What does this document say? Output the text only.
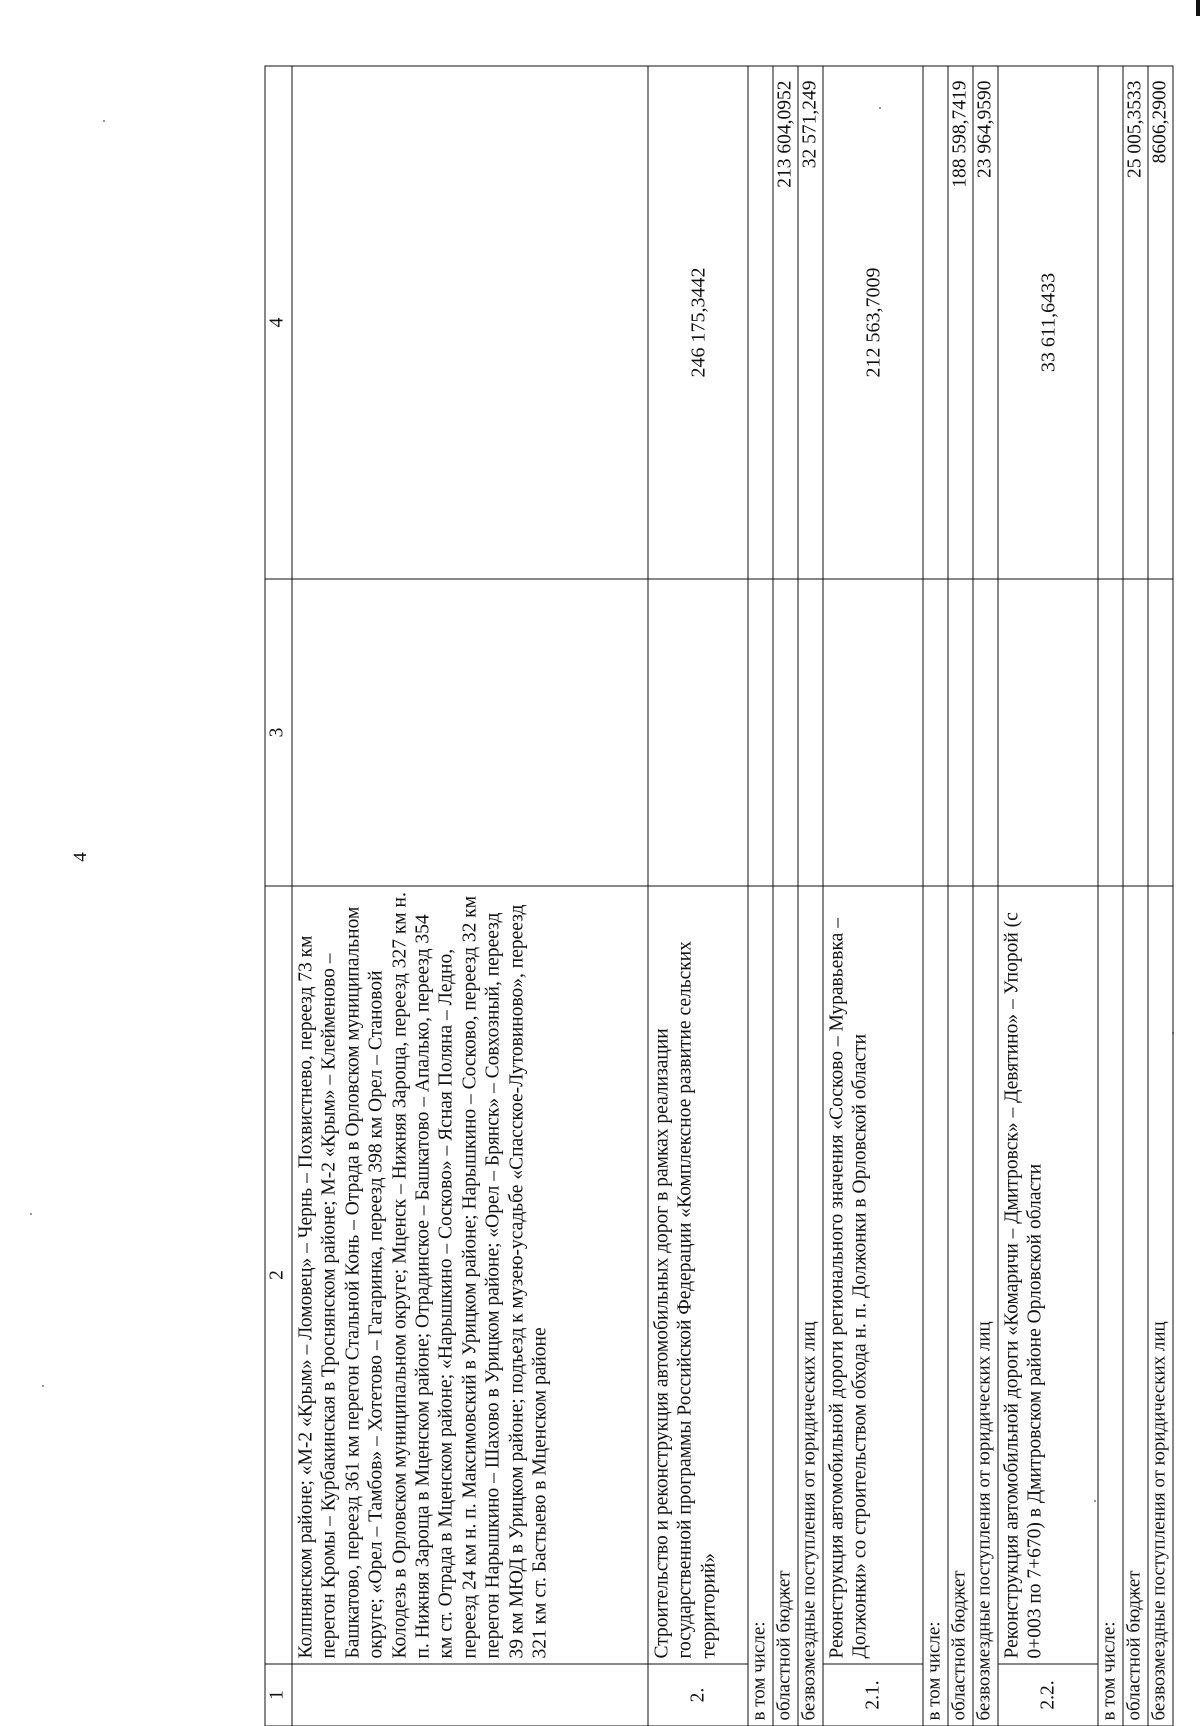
4
1	2	3	4
	Колпнянском районе; «М-2 «Крым» – Ломовец» – Чернь – Поxвистнево, переезд 73 км перегон Кромы – Курбакинская в Троснянском районе; М-2 «Крым» – Клейменово – Башкатово, переезд 361 км перегон Стальной Конь – Отрада в Орловском муниципальном округе; «Орел – Тамбов» – Хотетово – Гагаринка, переезд 398 км Орел – Становой Колодезь в Орловском муниципальном округе; Мценск – Нижняя Зароща, переезд 327 км н. п. Нижняя Зароща в Мценском районе; Отрадинское – Башкатово – Апалько, переезд 354 км ст. Отрада в Мценском районе; «Нарышкино – Сосково» – Ясная Поляна – Ледно, переезд 24 км н. п. Максимовский в Урицком районе; Нарышкино – Сосково, переезд 32 км перегон Нарышкино – Шахово в Урицком районе; «Орел – Брянск» – Совхозный, переезд 39 км МЮД в Урицком районе; подъезд к музею-усадьбе «Спасское-Лутовиново», переезд 321 км ст. Бастыево в Мценском районе		
2.	Строительство и реконструкция автомобильных дорог в рамках реализации государственной программы Российской Федерации «Комплексное развитие сельских территорий»		246 175,3442
в том числе:			
областной бюджет			213 604,0952
безвозмездные поступления от юридических лиц			32 571,249
2.1.	Реконструкция автомобильной дороги регионального значения «Сосково – Муравьевка – Должонки» со строительством обхода н. п. Должонки в Орловской области		212 563,7009
в том числе:			
областной бюджет			188 598,7419
безвозмездные поступления от юридических лиц			23 964,9590
2.2.	Реконструкция автомобильной дороги «Комаричи – Дмитровск» – Девятино» – Упорой (с 0+003 по 7+670) в Дмитровском районе Орловской области		33 611,6433
в том числе:			
областной бюджет			25 005,3533
безвозмездные поступления от юридических лиц			8606,2900
